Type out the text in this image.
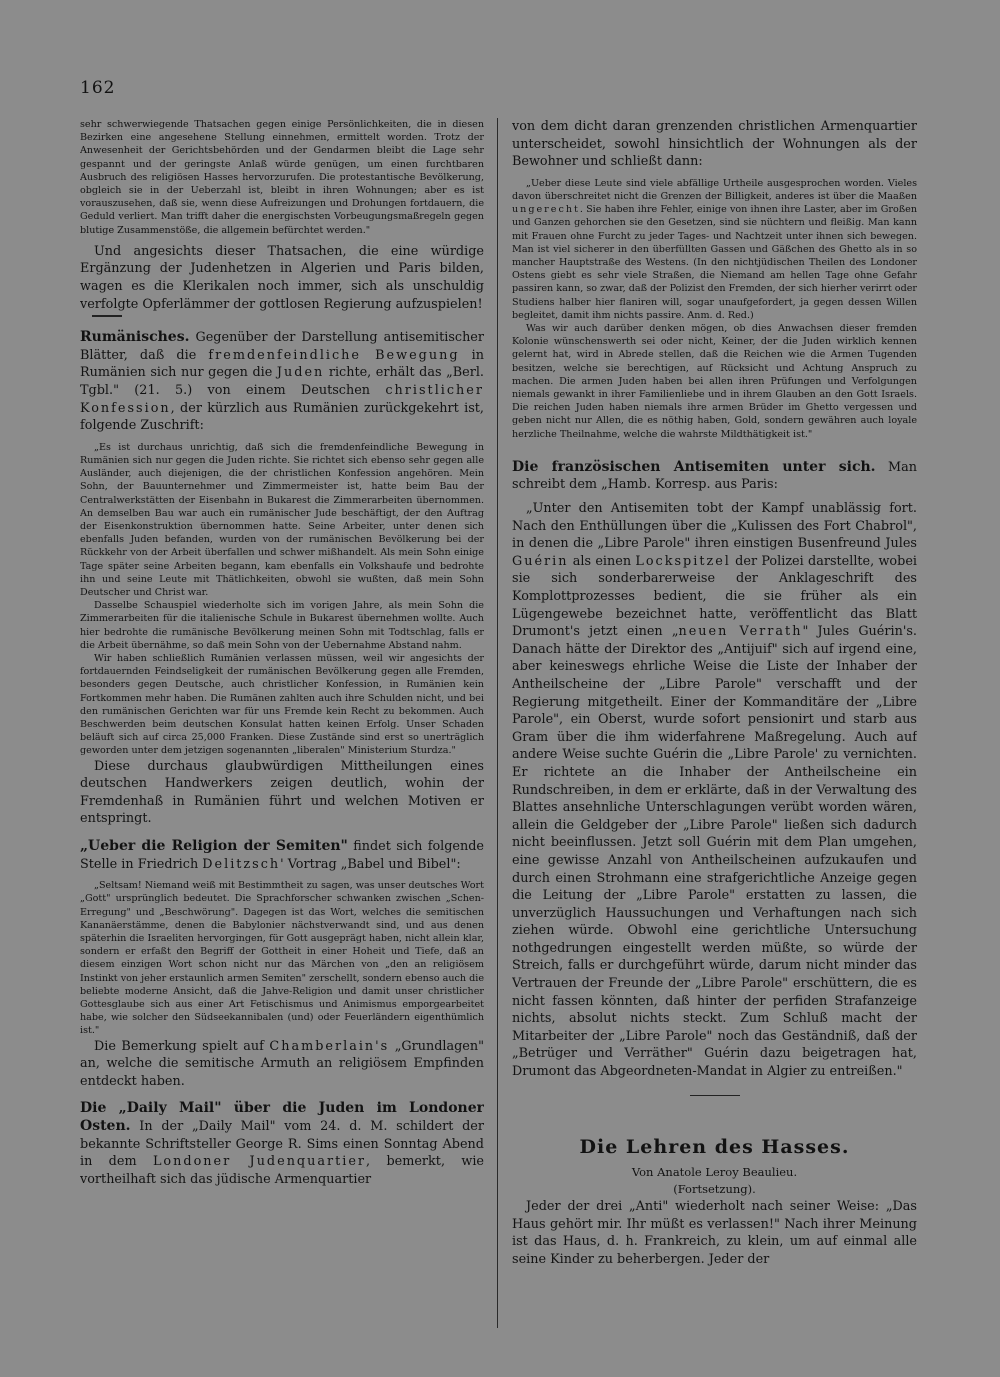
162

sehr schwerwiegende Thatsachen gegen einige Persönlichkeiten, die in diesen Bezirken eine angesehene Stellung einnehmen, ermittelt worden. Trotz der Anwesenheit der Gerichtsbehörden und der Gendarmen bleibt die Lage sehr gespannt und der geringste Anlaß würde genügen, um einen furchtbaren Ausbruch des religiösen Hasses hervorzurufen. Die protestantische Bevölkerung, obgleich sie in der Ueberzahl ist, bleibt in ihren Wohnungen; aber es ist vorauszusehen, daß sie, wenn diese Aufreizungen und Drohungen fortdauern, die Geduld verliert. Man trifft daher die energischsten Vorbeugungsmaßregeln gegen blutige Zusammenstöße, die allgemein befürchtet werden."

Und angesichts dieser Thatsachen, die eine würdige Ergänzung der Judenhetzen in Algerien und Paris bilden, wagen es die Klerikalen noch immer, sich als unschuldig verfolgte Opferlämmer der gottlosen Regierung aufzuspielen!

Rumänisches. Gegenüber der Darstellung antisemitischer Blätter, daß die fremdenfeindliche Bewegung in Rumänien sich nur gegen die Juden richte, erhält das „Berl. Tgbl." (21. 5.) von einem Deutschen christlicher Konfession, der kürzlich aus Rumänien zurückgekehrt ist, folgende Zuschrift:

„Es ist durchaus unrichtig, daß sich die fremdenfeindliche Bewegung in Rumänien sich nur gegen die Juden richte. Sie richtet sich ebenso sehr gegen alle Ausländer, auch diejenigen, die der christlichen Konfession angehören. Mein Sohn, der Bauunternehmer und Zimmermeister ist, hatte beim Bau der Centralwerkstätten der Eisenbahn in Bukarest die Zimmerarbeiten übernommen. An demselben Bau war auch ein rumänischer Jude beschäftigt, der den Auftrag der Eisenkonstruktion übernommen hatte. Seine Arbeiter, unter denen sich ebenfalls Juden befanden, wurden von der rumänischen Bevölkerung bei der Rückkehr von der Arbeit überfallen und schwer mißhandelt. Als mein Sohn einige Tage später seine Arbeiten begann, kam ebenfalls ein Volkshaufe und bedrohte ihn und seine Leute mit Thätlichkeiten, obwohl sie wußten, daß mein Sohn Deutscher und Christ war.

Dasselbe Schauspiel wiederholte sich im vorigen Jahre, als mein Sohn die Zimmerarbeiten für die italienische Schule in Bukarest übernehmen wollte. Auch hier bedrohte die rumänische Bevölkerung meinen Sohn mit Todtschlag, falls er die Arbeit übernähme, so daß mein Sohn von der Uebernahme Abstand nahm.

Wir haben schließlich Rumänien verlassen müssen, weil wir angesichts der fortdauernden Feindseligkeit der rumänischen Bevölkerung gegen alle Fremden, besonders gegen Deutsche, auch christlicher Konfession, in Rumänien kein Fortkommen mehr haben. Die Rumänen zahlten auch ihre Schulden nicht, und bei den rumänischen Gerichten war für uns Fremde kein Recht zu bekommen. Auch Beschwerden beim deutschen Konsulat hatten keinen Erfolg. Unser Schaden beläuft sich auf circa 25,000 Franken. Diese Zustände sind erst so unerträglich geworden unter dem jetzigen sogenannten „liberalen" Ministerium Sturdza."

Diese durchaus glaubwürdigen Mittheilungen eines deutschen Handwerkers zeigen deutlich, wohin der Fremdenhaß in Rumänien führt und welchen Motiven er entspringt.

„Ueber die Religion der Semiten" findet sich folgende Stelle in Friedrich Delitzsch' Vortrag „Babel und Bibel":

„Seltsam! Niemand weiß mit Bestimmtheit zu sagen, was unser deutsches Wort „Gott" ursprünglich bedeutet. Die Sprachforscher schwanken zwischen „Schen-Erregung" und „Beschwörung". Dagegen ist das Wort, welches die semitischen Kananäerstämme, denen die Babylonier nächstverwandt sind, und aus denen späterhin die Israeliten hervorgingen, für Gott ausgeprägt haben, nicht allein klar, sondern er erfaßt den Begriff der Gottheit in einer Hoheit und Tiefe, daß an diesem einzigen Wort schon nicht nur das Märchen von „den an religiösem Instinkt von jeher erstaunlich armen Semiten" zerschellt, sondern ebenso auch die beliebte moderne Ansicht, daß die Jahve-Religion und damit unser christlicher Gottesglaube sich aus einer Art Fetischismus und Animismus emporgearbeitet habe, wie solcher den Südseekannibalen (und) oder Feuerländern eigenthümlich ist."

Die Bemerkung spielt auf Chamberlain's „Grundlagen" an, welche die semitische Armuth an religiösem Empfinden entdeckt haben.

Die „Daily Mail" über die Juden im Londoner Osten. In der „Daily Mail" vom 24. d. M. schildert der bekannte Schriftsteller George R. Sims einen Sonntag Abend in dem Londoner Judenquartier, bemerkt, wie vortheilhaft sich das jüdische Armenquartier

von dem dicht daran grenzenden christlichen Armenquartier unterscheidet, sowohl hinsichtlich der Wohnungen als der Bewohner und schließt dann:

„Ueber diese Leute sind viele abfällige Urtheile ausgesprochen worden. Vieles davon überschreitet nicht die Grenzen der Billigkeit, anderes ist über die Maaßen ungerecht. Sie haben ihre Fehler, einige von ihnen ihre Laster, aber im Großen und Ganzen gehorchen sie den Gesetzen, sind sie nüchtern und fleißig. Man kann mit Frauen ohne Furcht zu jeder Tages- und Nachtzeit unter ihnen sich bewegen. Man ist viel sicherer in den überfüllten Gassen und Gäßchen des Ghetto als in so mancher Hauptstraße des Westens. (In den nichtjüdischen Theilen des Londoner Ostens giebt es sehr viele Straßen, die Niemand am hellen Tage ohne Gefahr passiren kann, so zwar, daß der Polizist den Fremden, der sich hierher verirrt oder Studiens halber hier flaniren will, sogar unaufgefordert, ja gegen dessen Willen begleitet, damit ihm nichts passire. Anm. d. Red.)

Was wir auch darüber denken mögen, ob dies Anwachsen dieser fremden Kolonie wünschenswerth sei oder nicht, Keiner, der die Juden wirklich kennen gelernt hat, wird in Abrede stellen, daß die Reichen wie die Armen Tugenden besitzen, welche sie berechtigen, auf Rücksicht und Achtung Anspruch zu machen. Die armen Juden haben bei allen ihren Prüfungen und Verfolgungen niemals gewankt in ihrer Familienliebe und in ihrem Glauben an den Gott Israels. Die reichen Juden haben niemals ihre armen Brüder im Ghetto vergessen und geben nicht nur Allen, die es nöthig haben, Gold, sondern gewähren auch loyale herzliche Theilnahme, welche die wahrste Mildthätigkeit ist."

Die französischen Antisemiten unter sich. Man schreibt dem „Hamb. Korresp. aus Paris:

„Unter den Antisemiten tobt der Kampf unablässig fort. Nach den Enthüllungen über die „Kulissen des Fort Chabrol", in denen die „Libre Parole" ihren einstigen Busenfreund Jules Guérin als einen Lockspitzel der Polizei darstellte, wobei sie sich sonderbarerweise der Anklageschrift des Komplottprozesses bedient, die sie früher als ein Lügengewebe bezeichnet hatte, veröffentlicht das Blatt Drumont's jetzt einen „neuen Verrath" Jules Guérin's. Danach hätte der Direktor des „Antijuif" sich auf irgend eine, aber keineswegs ehrliche Weise die Liste der Inhaber der Antheilscheine der „Libre Parole" verschafft und der Regierung mitgetheilt. Einer der Kommanditäre der „Libre Parole", ein Oberst, wurde sofort pensionirt und starb aus Gram über die ihm widerfahrene Maßregelung. Auch auf andere Weise suchte Guérin die „Libre Parole' zu vernichten. Er richtete an die Inhaber der Antheilscheine ein Rundschreiben, in dem er erklärte, daß in der Verwaltung des Blattes ansehnliche Unterschlagungen verübt worden wären, allein die Geldgeber der „Libre Parole" ließen sich dadurch nicht beeinflussen. Jetzt soll Guérin mit dem Plan umgehen, eine gewisse Anzahl von Antheilscheinen aufzukaufen und durch einen Strohmann eine strafgerichtliche Anzeige gegen die Leitung der „Libre Parole" erstatten zu lassen, die unverzüglich Haussuchungen und Verhaftungen nach sich ziehen würde. Obwohl eine gerichtliche Untersuchung nothgedrungen eingestellt werden müßte, so würde der Streich, falls er durchgeführt würde, darum nicht minder das Vertrauen der Freunde der „Libre Parole" erschüttern, die es nicht fassen könnten, daß hinter der perfiden Strafanzeige nichts, absolut nichts steckt. Zum Schluß macht der Mitarbeiter der „Libre Parole" noch das Geständniß, daß der „Betrüger und Verräther" Guérin dazu beigetragen hat, Drumont das Abgeordneten-Mandat in Algier zu entreißen."

Die Lehren des Hasses.

Von Anatole Leroy Beaulieu.

(Fortsetzung).

Jeder der drei „Anti" wiederholt nach seiner Weise: „Das Haus gehört mir. Ihr müßt es verlassen!" Nach ihrer Meinung ist das Haus, d. h. Frankreich, zu klein, um auf einmal alle seine Kinder zu beherbergen. Jeder der
